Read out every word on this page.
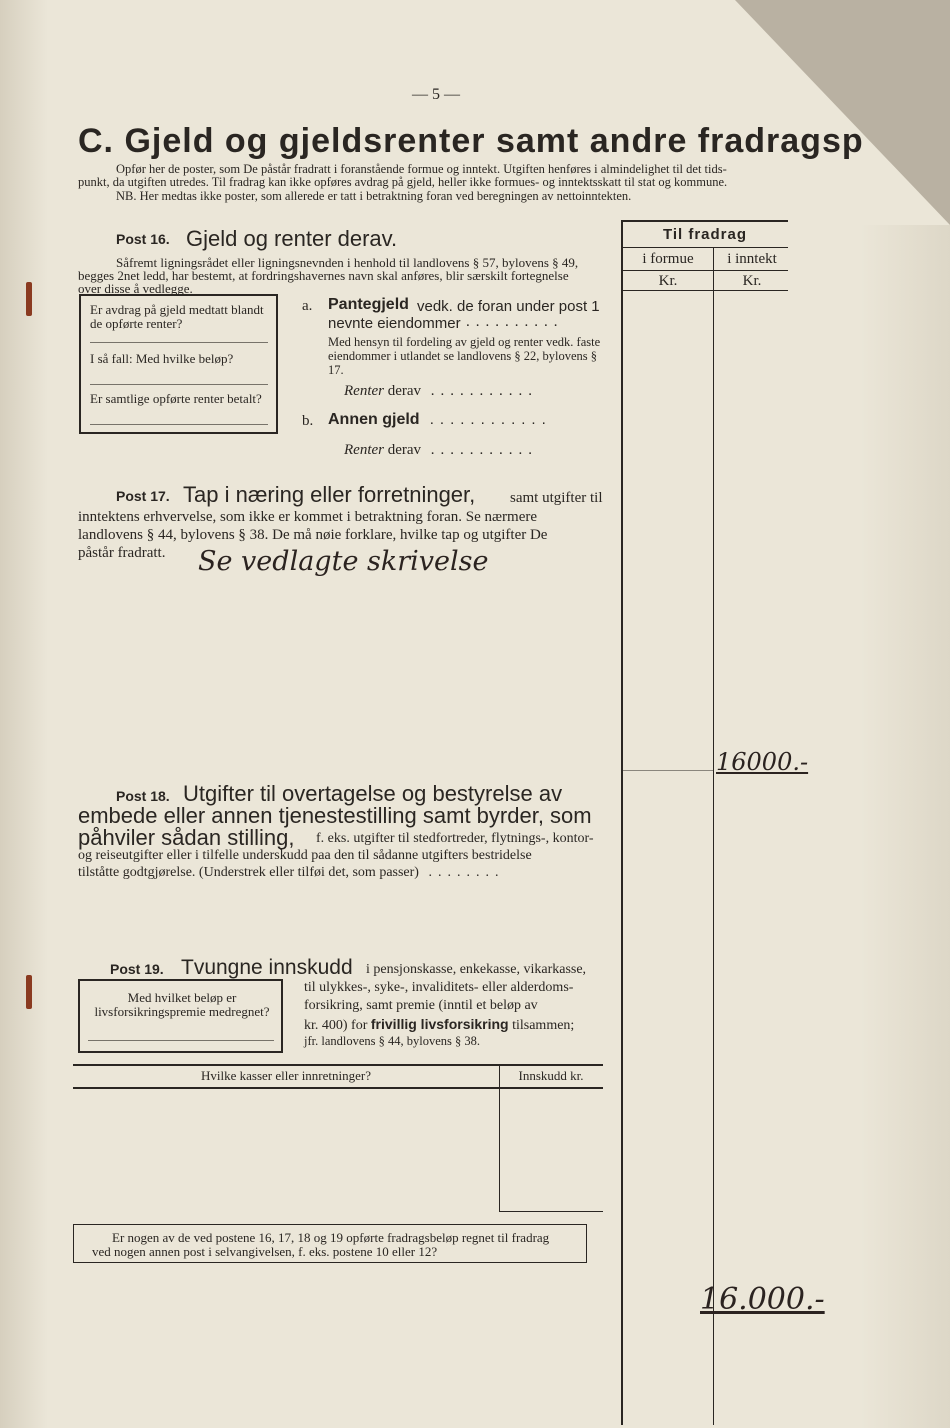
— 5 —
C. Gjeld og gjeldsrenter samt andre fradragsp
Opfør her de poster, som De påstår fradratt i foranstående formue og inntekt. Utgiften henføres i almindelighet til det tids-
punkt, da utgiften utredes. Til fradrag kan ikke opføres avdrag på gjeld, heller ikke formues- og inntektsskatt til stat og kommune.
NB. Her medtas ikke poster, som allerede er tatt i betraktning foran ved beregningen av nettoinntekten.
Til fradrag
i formue	i inntekt
Kr.	Kr.
Post 16. Gjeld og renter derav.
Såfremt ligningsrådet eller ligningsnevnden i henhold til landlovens § 57, bylovens § 49,
begges 2net ledd, har bestemt, at fordringshavernes navn skal anføres, blir særskilt fortegnelse
over disse å vedlegge.
Er avdrag på gjeld medtatt blandt de opførte renter?
I så fall: Med hvilke beløp?
Er samtlige opførte renter betalt?
a. Pantegjeld vedk. de foran under post 1
nevnte eiendommer ..........
Med hensyn til fordeling av gjeld og renter vedk. faste eiendommer i utlandet se landlovens § 22, bylovens § 17.
Renter derav ...........
b. Annen gjeld ............
Renter derav ...........
Post 17. Tap i næring eller forretninger, samt utgifter til
inntektens erhvervelse, som ikke er kommet i betraktning foran. Se nærmere
landlovens § 44, bylovens § 38. De må nøie forklare, hvilke tap og utgifter De
påstår fradratt. Se vedlagte skrivelse
16000.-
Post 18. Utgifter til overtagelse og bestyrelse av
embede eller annen tjenestestilling samt byrder, som
påhviler sådan stilling, f. eks. utgifter til stedfortreder, flytnings-, kontor-
og reiseutgifter eller i tilfelle underskudd paa den til sådanne utgifters bestridelse
tilståtte godtgjørelse. (Understrek eller tilføi det, som passer) ........
Post 19. Tvungne innskudd i pensjonskasse, enkekasse, vikarkasse,
til ulykkes-, syke-, invaliditets- eller alderdoms-
forsikring, samt premie (inntil et beløp av
kr. 400) for frivillig livsforsikring tilsammen;
jfr. landlovens § 44, bylovens § 38.
Med hvilket beløp er livsforsikringspremie medregnet?
Hvilke kasser eller innretninger?	Innskudd kr.
Er nogen av de ved postene 16, 17, 18 og 19 opførte fradragsbeløp regnet til fradrag
ved nogen annen post i selvangivelsen, f. eks. postene 10 eller 12?
16.000.-
